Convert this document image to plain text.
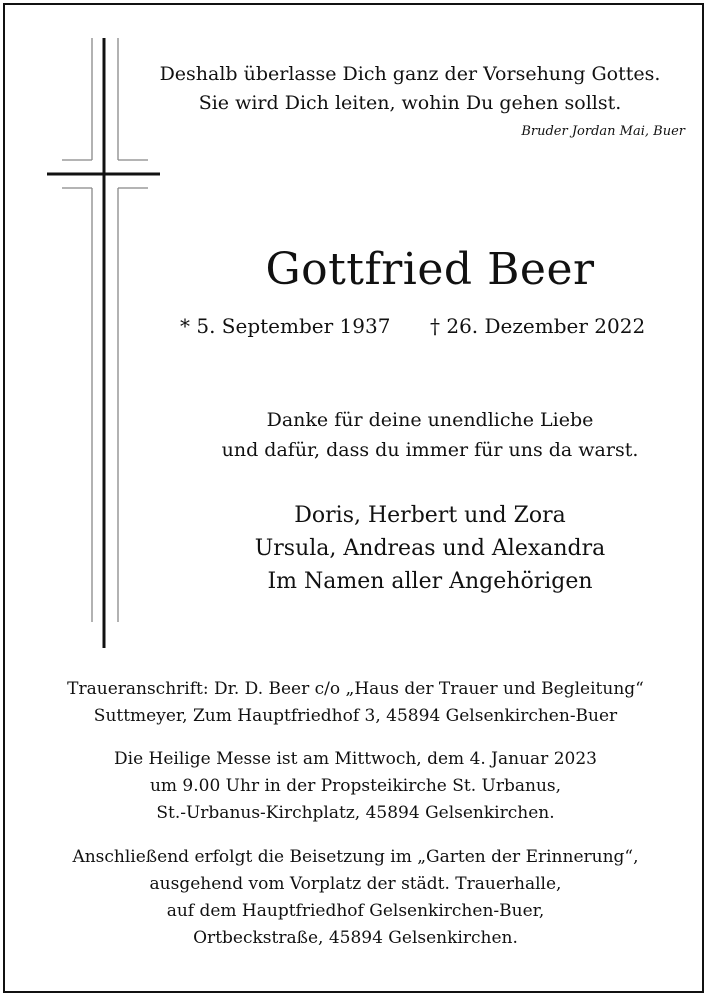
Deshalb überlasse Dich ganz der Vorsehung Gottes.
Sie wird Dich leiten, wohin Du gehen sollst.
Bruder Jordan Mai, Buer
Gottfried Beer
* 5. September 1937 † 26. Dezember 2022
Danke für deine unendliche Liebe
und dafür, dass du immer für uns da warst.
Doris, Herbert und Zora
Ursula, Andreas und Alexandra
Im Namen aller Angehörigen
Traueranschrift: Dr. D. Beer c/o „Haus der Trauer und Begleitung“
Suttmeyer, Zum Hauptfriedhof 3, 45894 Gelsenkirchen-Buer
Die Heilige Messe ist am Mittwoch, dem 4. Januar 2023
um 9.00 Uhr in der Propsteikirche St. Urbanus,
St.-Urbanus-Kirchplatz, 45894 Gelsenkirchen.
Anschließend erfolgt die Beisetzung im „Garten der Erinnerung“,
ausgehend vom Vorplatz der städt. Trauerhalle,
auf dem Hauptfriedhof Gelsenkirchen-Buer,
Ortbeckstraße, 45894 Gelsenkirchen.
